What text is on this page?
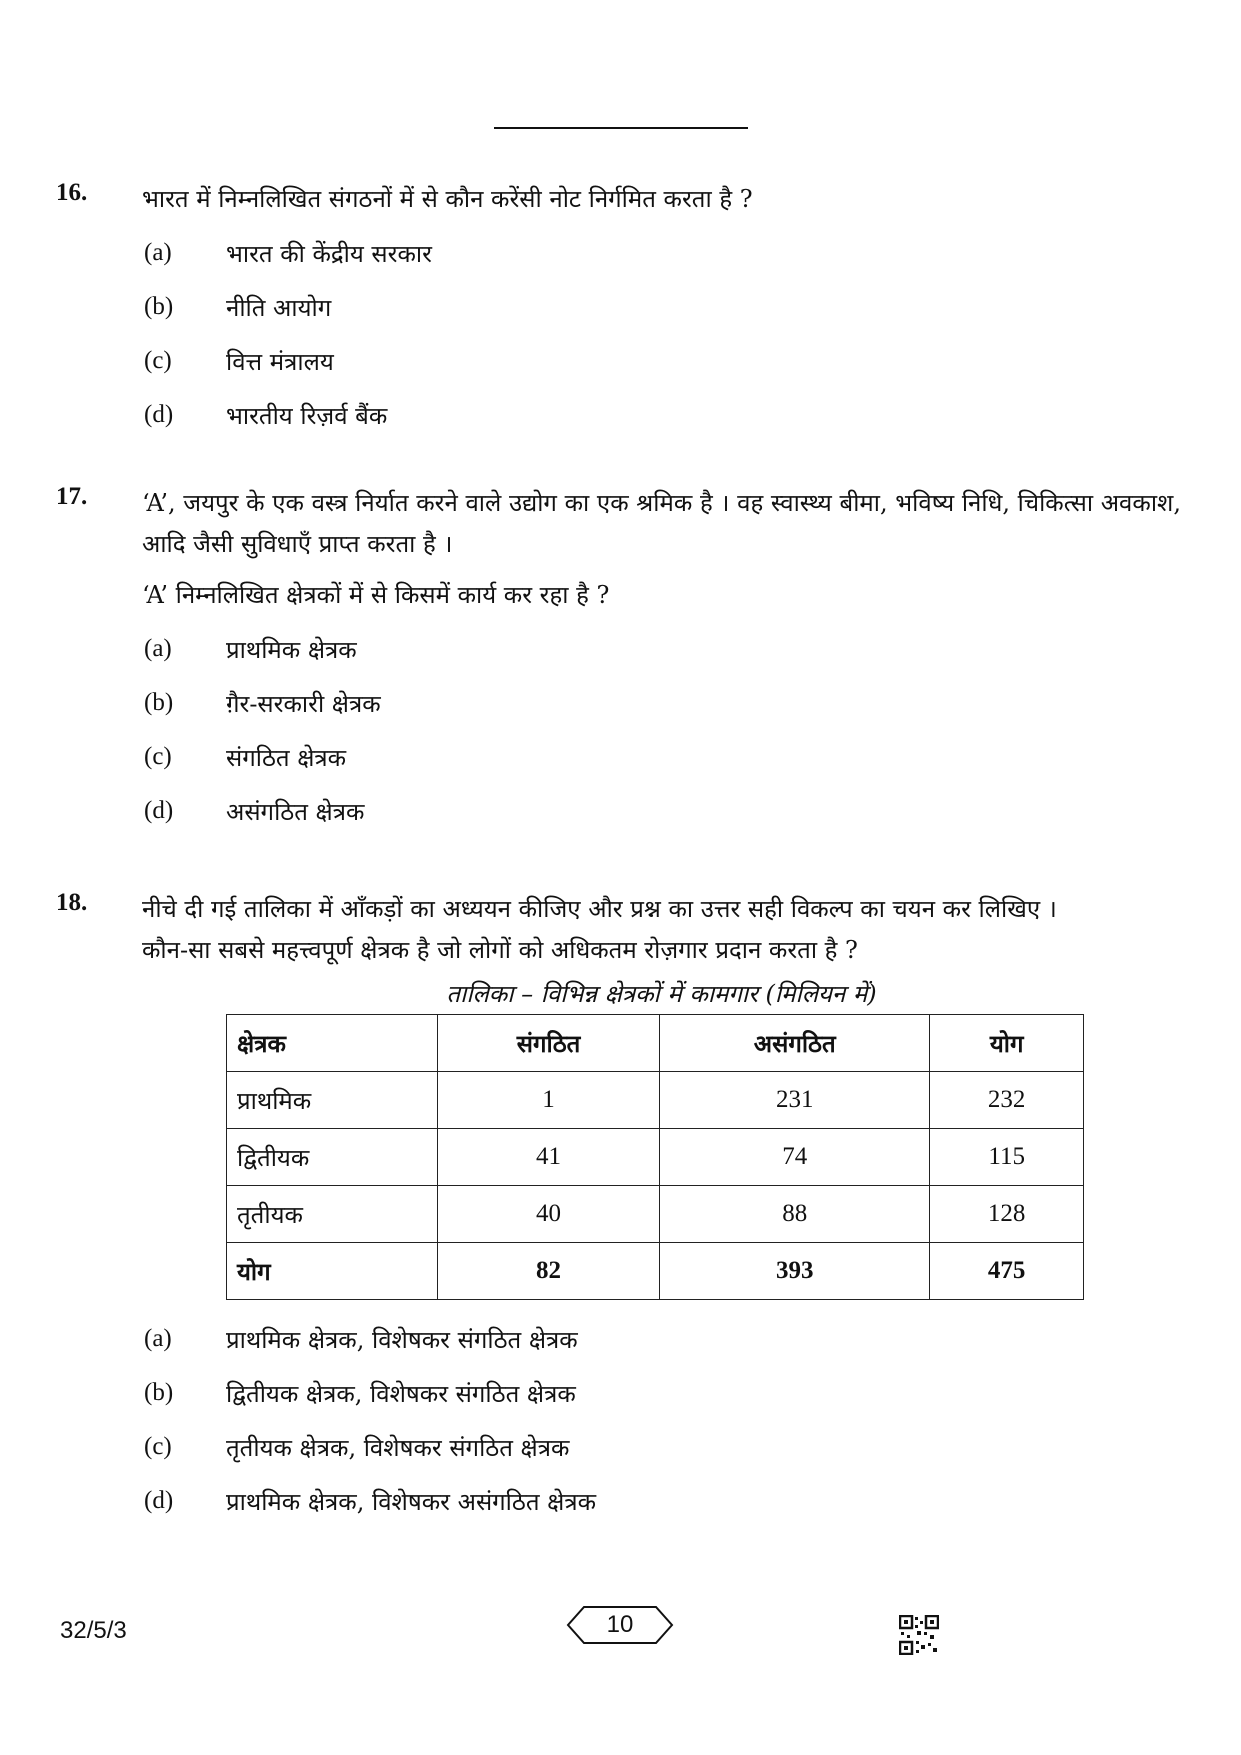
16. भारत में निम्नलिखित संगठनों में से कौन करेंसी नोट निर्गमित करता है ?

(a)	भारत की केंद्रीय सरकार
(b)	नीति आयोग
(c)	वित्त मंत्रालय
(d)	भारतीय रिज़र्व बैंक
17. ‘A’, जयपुर के एक वस्त्र निर्यात करने वाले उद्योग का एक श्रमिक है । वह स्वास्थ्य बीमा, भविष्य निधि, चिकित्सा अवकाश, आदि जैसी सुविधाएँ प्राप्त करता है ।

‘A’ निम्नलिखित क्षेत्रकों में से किसमें कार्य कर रहा है ?

(a)	प्राथमिक क्षेत्रक
(b)	ग़ैर-सरकारी क्षेत्रक
(c)	संगठित क्षेत्रक
(d)	असंगठित क्षेत्रक
18. नीचे दी गई तालिका में आँकड़ों का अध्ययन कीजिए और प्रश्न का उत्तर सही विकल्प का चयन कर लिखिए ।

कौन-सा सबसे महत्त्वपूर्ण क्षेत्रक है जो लोगों को अधिकतम रोज़गार प्रदान करता है ?

तालिका – विभिन्न क्षेत्रकों में कामगार (मिलियन में)
क्षेत्रक	संगठित	असंगठित	योग
प्राथमिक	1	231	232
द्वितीयक	41	74	115
तृतीयक	40	88	128
योग	82	393	475
(a)	प्राथमिक क्षेत्रक, विशेषकर संगठित क्षेत्रक
(b)	द्वितीयक क्षेत्रक, विशेषकर संगठित क्षेत्रक
(c)	तृतीयक क्षेत्रक, विशेषकर संगठित क्षेत्रक
(d)	प्राथमिक क्षेत्रक, विशेषकर असंगठित क्षेत्रक
32/5/3	10
